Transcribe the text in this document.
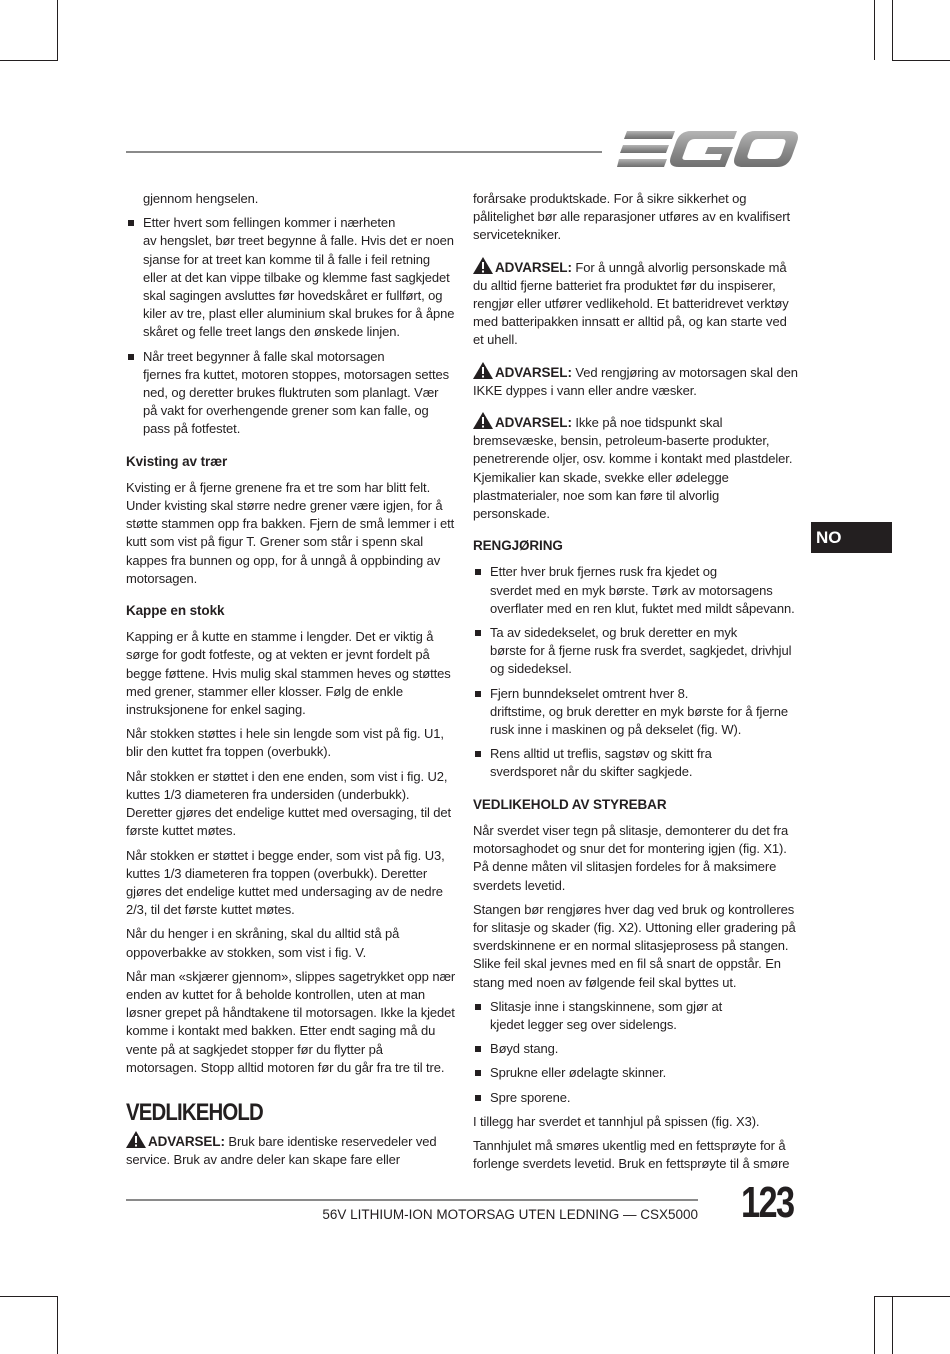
gjennom hengselen.

Etter hvert som fellingen kommer i nærheten
av hengslet, bør treet begynne å falle. Hvis det er noen sjanse for at treet kan komme til å falle i feil retning eller at det kan vippe tilbake og klemme fast sagkjedet skal sagingen avsluttes før hovedskåret er fullført, og kiler av tre, plast eller aluminium skal brukes for å åpne skåret og felle treet langs den ønskede linjen.
Når treet begynner å falle skal motorsagen
fjernes fra kuttet, motoren stoppes, motorsagen settes ned, og deretter brukes fluktruten som planlagt. Vær på vakt for overhengende grener som kan falle, og pass på fotfestet.

Kvisting av trær

Kvisting er å fjerne grenene fra et tre som har blitt felt. Under kvisting skal større nedre grener være igjen, for å støtte stammen opp fra bakken. Fjern de små lemmer i ett kutt som vist på figur T. Grener som står i spenn skal kappes fra bunnen og opp, for å unngå å oppbinding av motorsagen.

Kappe en stokk

Kapping er å kutte en stamme i lengder. Det er viktig å sørge for godt fotfeste, og at vekten er jevnt fordelt på begge føttene. Hvis mulig skal stammen heves og støttes med grener, stammer eller klosser. Følg de enkle instruksjonene for enkel saging.

Når stokken støttes i hele sin lengde som vist på fig. U1, blir den kuttet fra toppen (overbukk).

Når stokken er støttet i den ene enden, som vist i fig. U2, kuttes 1/3 diameteren fra undersiden (underbukk). Deretter gjøres det endelige kuttet med oversaging, til det første kuttet møtes.

Når stokken er støttet i begge ender, som vist på fig. U3, kuttes 1/3 diameteren fra toppen (overbukk). Deretter gjøres det endelige kuttet med undersaging av de nedre 2/3, til det første kuttet møtes.

Når du henger i en skråning, skal du alltid stå på oppoverbakke av stokken, som vist i fig. V.

Når man «skjærer gjennom», slippes sagetrykket opp nær enden av kuttet for å beholde kontrollen, uten at man løsner grepet på håndtakene til motorsagen. Ikke la kjedet komme i kontakt med bakken. Etter endt saging må du vente på at sagkjedet stopper før du flytter på motorsagen. Stopp alltid motoren før du går fra tre til tre.

VEDLIKEHOLD

ADVARSEL: Bruk bare identiske reservedeler ved service. Bruk av andre deler kan skape fare eller

forårsake produktskade. For å sikre sikkerhet og pålitelighet bør alle reparasjoner utføres av en kvalifisert servicetekniker.

ADVARSEL: For å unngå alvorlig personskade må du alltid fjerne batteriet fra produktet før du inspiserer, rengjør eller utfører vedlikehold. Et batteridrevet verktøy med batteripakken innsatt er alltid på, og kan starte ved et uhell.

ADVARSEL: Ved rengjøring av motorsagen skal den IKKE dyppes i vann eller andre væsker.

ADVARSEL: Ikke på noe tidspunkt skal bremsevæske, bensin, petroleum-baserte produkter, penetrerende oljer, osv. komme i kontakt med plastdeler. Kjemikalier kan skade, svekke eller ødelegge plastmaterialer, noe som kan føre til alvorlig personskade.

RENGJØRING

Etter hver bruk fjernes rusk fra kjedet og
sverdet med en myk børste. Tørk av motorsagens overflater med en ren klut, fuktet med mildt såpevann.
Ta av sidedekselet, og bruk deretter en myk
børste for å fjerne rusk fra sverdet, sagkjedet, drivhjul og sidedeksel.
Fjern bunndekselet omtrent hver 8.
driftstime, og bruk deretter en myk børste for å fjerne rusk inne i maskinen og på dekselet (fig. W).
Rens alltid ut treflis, sagstøv og skitt fra
sverdsporet når du skifter sagkjede.

VEDLIKEHOLD AV STYREBAR

Når sverdet viser tegn på slitasje, demonterer du det fra motorsaghodet og snur det for montering igjen (fig. X1). På denne måten vil slitasjen fordeles for å maksimere sverdets levetid.

Stangen bør rengjøres hver dag ved bruk og kontrolleres for slitasje og skader (fig. X2). Uttoning eller gradering på sverdskinnene er en normal slitasjeprosess på stangen. Slike feil skal jevnes med en fil så snart de oppstår. En stang med noen av følgende feil skal byttes ut.

Slitasje inne i stangskinnene, som gjør at
kjedet legger seg over sidelengs.
Bøyd stang.
Sprukne eller ødelagte skinner.
Spre sporene.

I tillegg har sverdet et tannhjul på spissen (fig. X3).

Tannhjulet må smøres ukentlig med en fettsprøyte for å forlenge sverdets levetid. Bruk en fettsprøyte til å smøre

NO
56V LITHIUM-ION MOTORSAG UTEN LEDNING — CSX5000 123
